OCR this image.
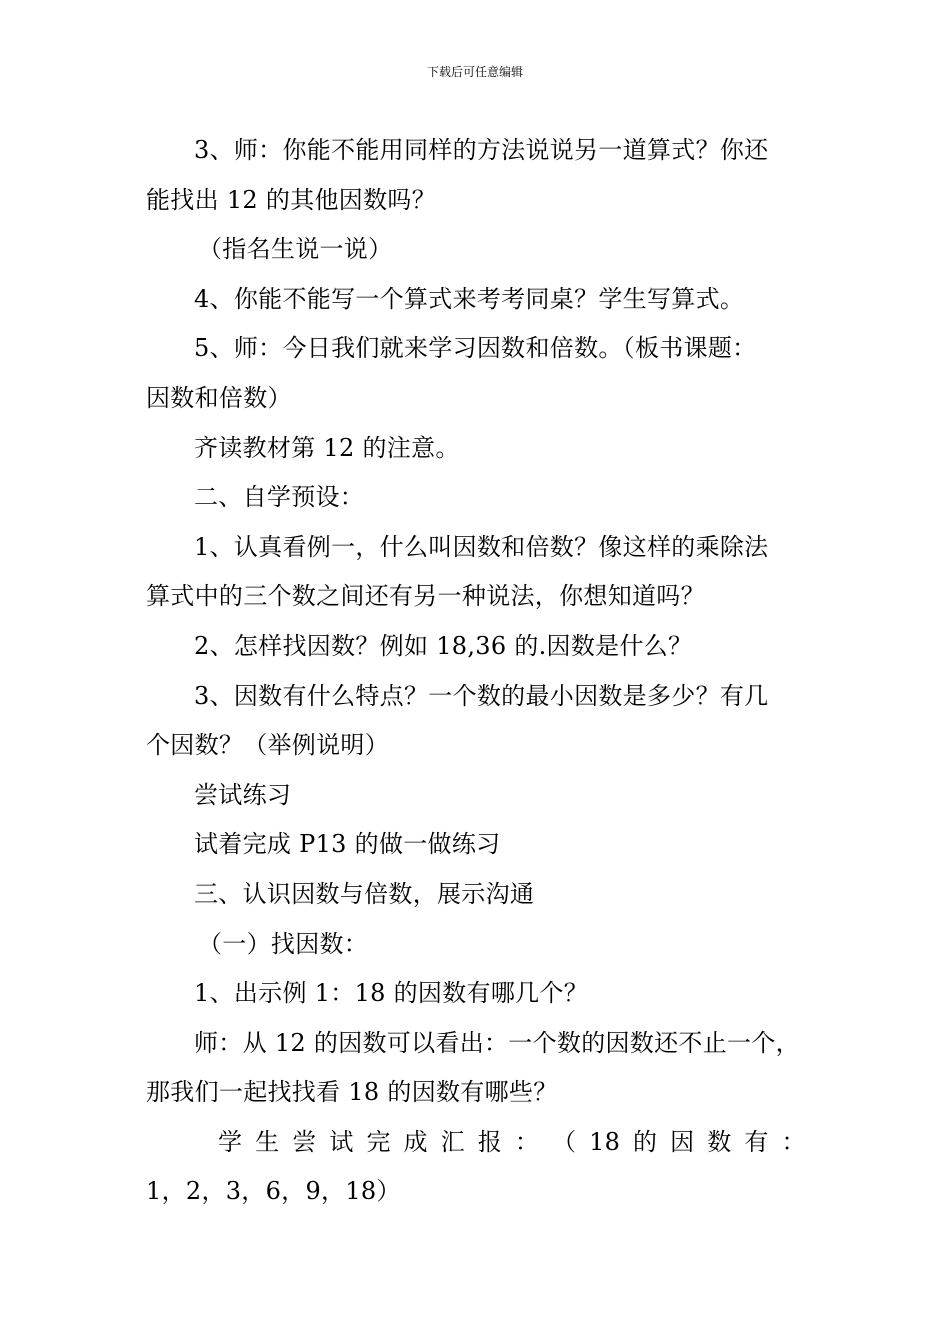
下载后可任意编辑
3、师：你能不能用同样的方法说说另一道算式？你还
能找出 12 的其他因数吗？
（指名生说一说）
4、你能不能写一个算式来考考同桌？学生写算式。
5、师：今日我们就来学习因数和倍数。（板书课题：
因数和倍数）
齐读教材第 12 的注意。
二、自学预设：
1、认真看例一，什么叫因数和倍数？像这样的乘除法
算式中的三个数之间还有另一种说法，你想知道吗？
2、怎样找因数？例如 18,36 的.因数是什么？
3、因数有什么特点？一个数的最小因数是多少？有几
个因数？（举例说明）
尝试练习
试着完成 P13 的做一做练习
三、认识因数与倍数，展示沟通
（一）找因数：
1、出示例 1：18 的因数有哪几个？
师：从 12 的因数可以看出：一个数的因数还不止一个，
那我们一起找找看 18 的因数有哪些？
学 生 尝 试 完 成 汇 报 ： （ 18 的 因 数 有 ：
1，2，3，6，9，18）
